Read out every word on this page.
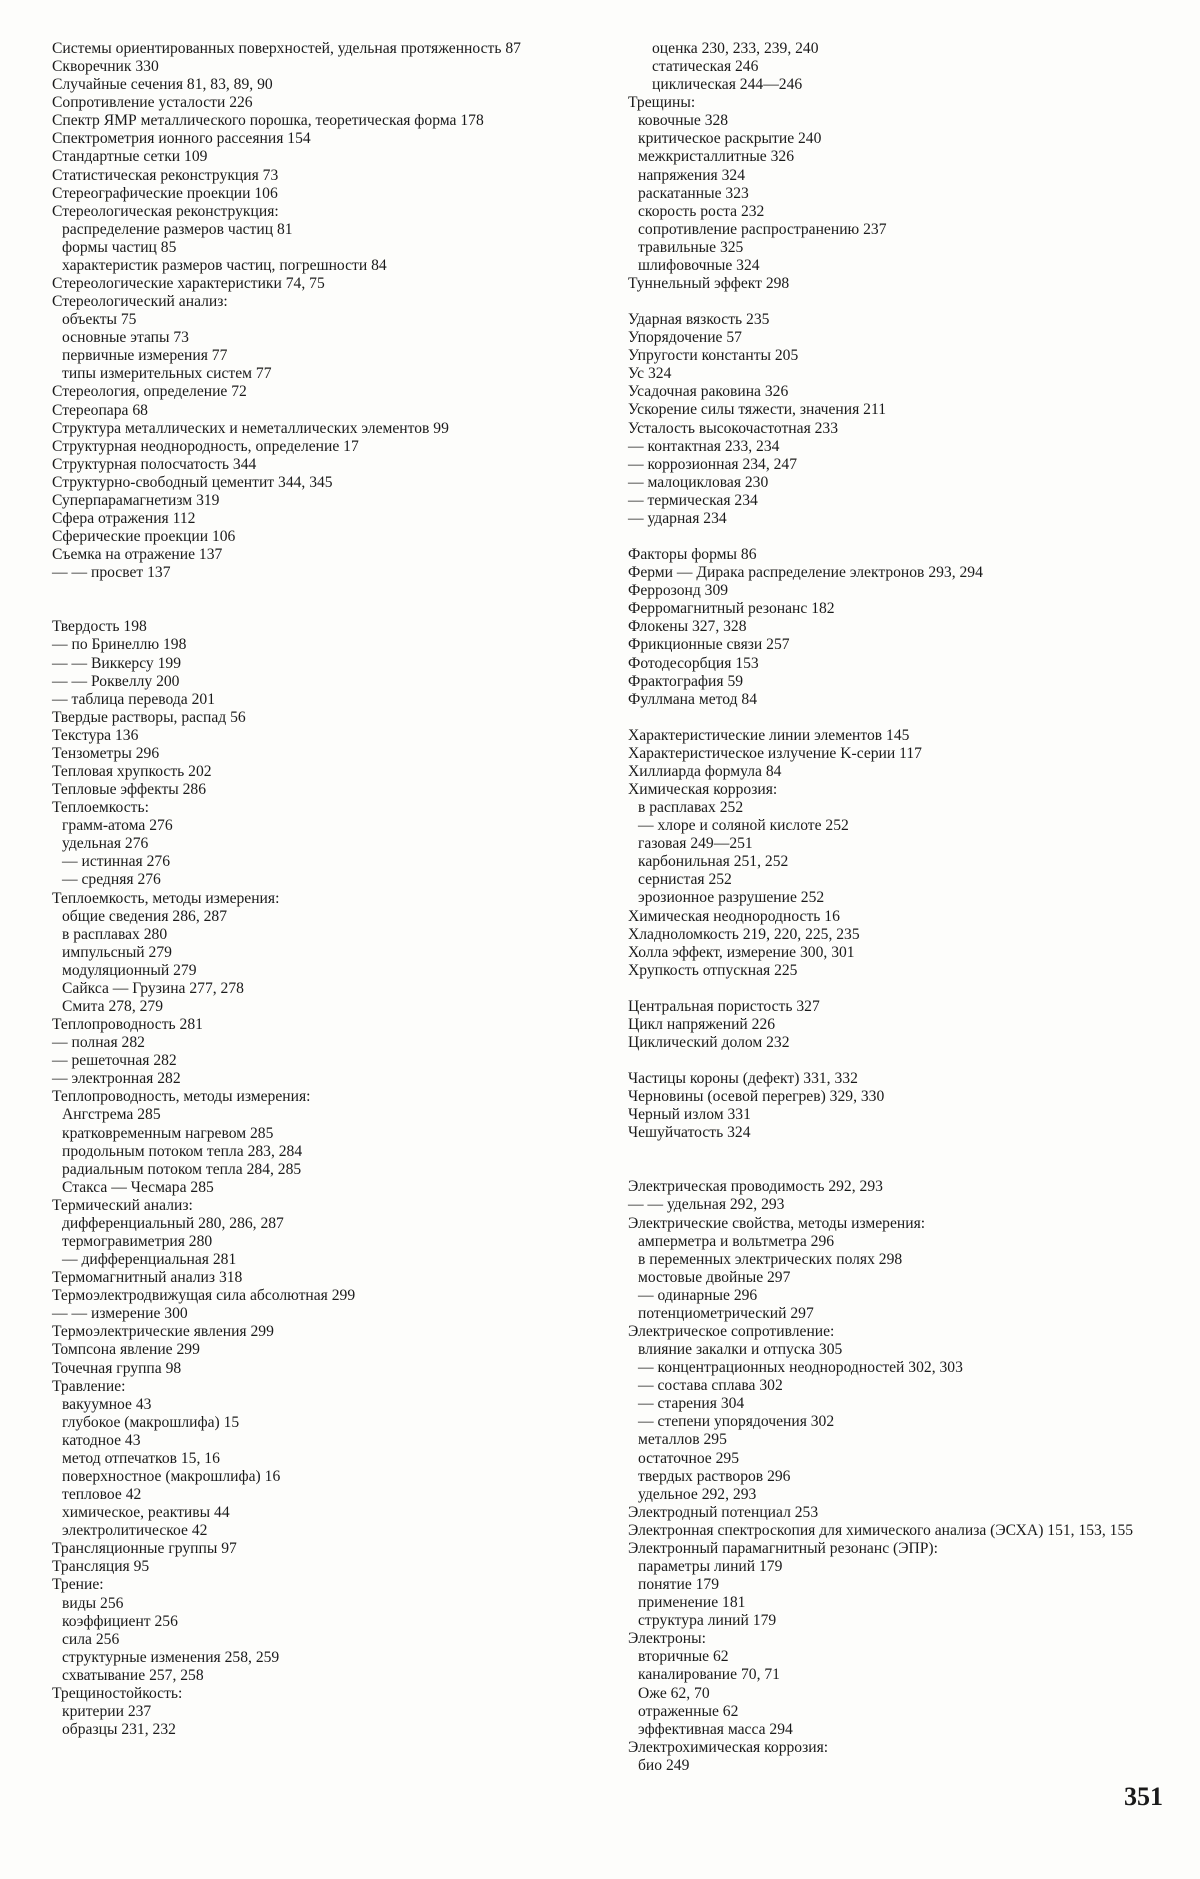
Системы ориентированных поверхностей, удельная протяженность 87
Скворечник 330
Случайные сечения 81, 83, 89, 90
Сопротивление усталости 226
Спектр ЯМР металлического порошка, теоретическая форма 178
Спектрометрия ионного рассеяния 154
Стандартные сетки 109
Статистическая реконструкция 73
Стереографические проекции 106
Стереологическая реконструкция:
распределение размеров частиц 81
формы частиц 85
характеристик размеров частиц, погрешности 84
Стереологические характеристики 74, 75
Стереологический анализ:
объекты 75
основные этапы 73
первичные измерения 77
типы измерительных систем 77
Стереология, определение 72
Стереопара 68
Структура металлических и неметаллических элементов 99
Структурная неоднородность, определение 17
Структурная полосчатость 344
Структурно-свободный цементит 344, 345
Суперпарамагнетизм 319
Сфера отражения 112
Сферические проекции 106
Съемка на отражение 137
— — просвет 137
Твердость 198
— по Бринеллю 198
— — Виккерсу 199
— — Роквеллу 200
— таблица перевода 201
Твердые растворы, распад 56
Текстура 136
Тензометры 296
Тепловая хрупкость 202
Тепловые эффекты 286
Теплоемкость:
грамм-атома 276
удельная 276
— истинная 276
— средняя 276
Теплоемкость, методы измерения:
общие сведения 286, 287
в расплавах 280
импульсный 279
модуляционный 279
Сайкса — Грузина 277, 278
Смита 278, 279
Теплопроводность 281
— полная 282
— решеточная 282
— электронная 282
Теплопроводность, методы измерения:
Ангстрема 285
кратковременным нагревом 285
продольным потоком тепла 283, 284
радиальным потоком тепла 284, 285
Стакса — Чесмара 285
Термический анализ:
дифференциальный 280, 286, 287
термогравиметрия 280
— дифференциальная 281
Термомагнитный анализ 318
Термоэлектродвижущая сила абсолютная 299
— — измерение 300
Термоэлектрические явления 299
Томпсона явление 299
Точечная группа 98
Травление:
вакуумное 43
глубокое (макрошлифа) 15
катодное 43
метод отпечатков 15, 16
поверхностное (макрошлифа) 16
тепловое 42
химическое, реактивы 44
электролитическое 42
Трансляционные группы 97
Трансляция 95
Трение:
виды 256
коэффициент 256
сила 256
структурные изменения 258, 259
схватывание 257, 258
Трещиностойкость:
критерии 237
образцы 231, 232
оценка 230, 233, 239, 240
статическая 246
циклическая 244—246
Трещины:
ковочные 328
критическое раскрытие 240
межкристаллитные 326
напряжения 324
раскатанные 323
скорость роста 232
сопротивление распространению 237
травильные 325
шлифовочные 324
Туннельный эффект 298
Ударная вязкость 235
Упорядочение 57
Упругости константы 205
Ус 324
Усадочная раковина 326
Ускорение силы тяжести, значения 211
Усталость высокочастотная 233
— контактная 233, 234
— коррозионная 234, 247
— малоцикловая 230
— термическая 234
— ударная 234
Факторы формы 86
Ферми — Дирака распределение электронов 293, 294
Феррозонд 309
Ферромагнитный резонанс 182
Флокены 327, 328
Фрикционные связи 257
Фотодесорбция 153
Фрактография 59
Фуллмана метод 84
Характеристические линии элементов 145
Характеристическое излучение K-серии 117
Хиллиарда формула 84
Химическая коррозия:
в расплавах 252
— хлоре и соляной кислоте 252
газовая 249—251
карбонильная 251, 252
сернистая 252
эрозионное разрушение 252
Химическая неоднородность 16
Хладноломкость 219, 220, 225, 235
Холла эффект, измерение 300, 301
Хрупкость отпускная 225
Центральная пористость 327
Цикл напряжений 226
Циклический долом 232
Частицы короны (дефект) 331, 332
Черновины (осевой перегрев) 329, 330
Черный излом 331
Чешуйчатость 324
Электрическая проводимость 292, 293
— — удельная 292, 293
Электрические свойства, методы измерения:
амперметра и вольтметра 296
в переменных электрических полях 298
мостовые двойные 297
— одинарные 296
потенциометрический 297
Электрическое сопротивление:
влияние закалки и отпуска 305
— концентрационных неоднородностей 302, 303
— состава сплава 302
— старения 304
— степени упорядочения 302
металлов 295
остаточное 295
твердых растворов 296
удельное 292, 293
Электродный потенциал 253
Электронная спектроскопия для химического анализа (ЭСХА) 151, 153, 155
Электронный парамагнитный резонанс (ЭПР):
параметры линий 179
понятие 179
применение 181
структура линий 179
Электроны:
вторичные 62
каналирование 70, 71
Оже 62, 70
отраженные 62
эффективная масса 294
Электрохимическая коррозия:
био 249
351
